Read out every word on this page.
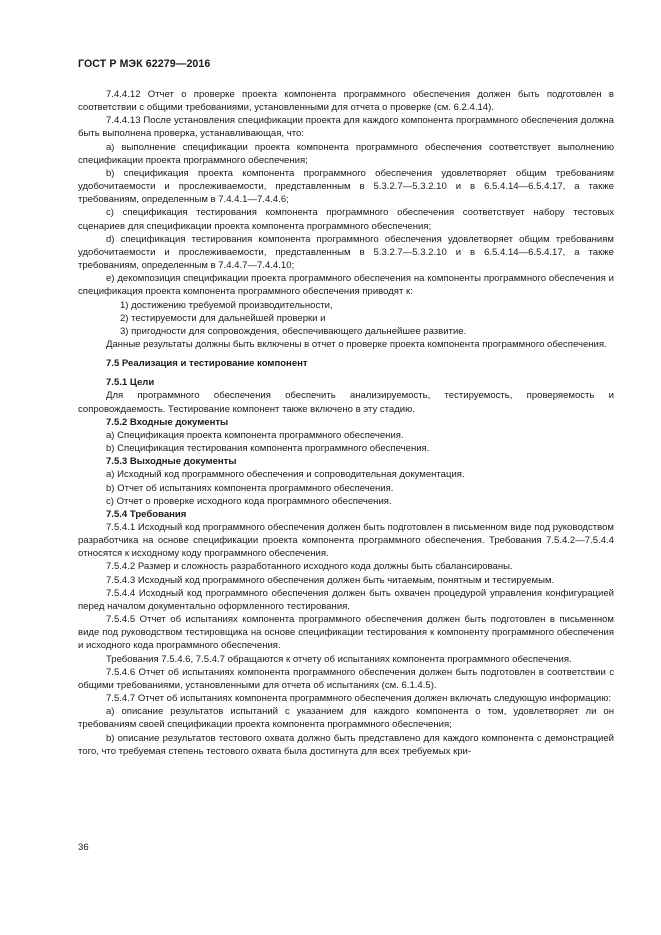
ГОСТ Р МЭК 62279—2016

7.4.4.12 Отчет о проверке проекта компонента программного обеспечения должен быть подготовлен в соответствии с общими требованиями, установленными для отчета о проверке (см. 6.2.4.14).

7.4.4.13 После установления спецификации проекта для каждого компонента программного обеспечения должна быть выполнена проверка, устанавливающая, что:

a) выполнение спецификации проекта компонента программного обеспечения соответствует выполнению спецификации проекта программного обеспечения;

b) спецификация проекта компонента программного обеспечения удовлетворяет общим требованиям удобочитаемости и прослеживаемости, представленным в 5.3.2.7—5.3.2.10 и в 6.5.4.14—6.5.4.17, а также требованиям, определенным в 7.4.4.1—7.4.4.6;

c) спецификация тестирования компонента программного обеспечения соответствует набору тестовых сценариев для спецификации проекта компонента программного обеспечения;

d) спецификация тестирования компонента программного обеспечения удовлетворяет общим требованиям удобочитаемости и прослеживаемости, представленным в 5.3.2.7—5.3.2.10 и в 6.5.4.14—6.5.4.17, а также требованиям, определенным в 7.4.4.7—7.4.4.10;

e) декомпозиция спецификации проекта программного обеспечения на компоненты программного обеспечения и спецификация проекта компонента программного обеспечения приводят к:

1) достижению требуемой производительности,

2) тестируемости для дальнейшей проверки и

3) пригодности для сопровождения, обеспечивающего дальнейшее развитие.

Данные результаты должны быть включены в отчет о проверке проекта компонента программного обеспечения.

7.5 Реализация и тестирование компонент

7.5.1 Цели

Для программного обеспечения обеспечить анализируемость, тестируемость, проверяемость и сопровождаемость. Тестирование компонент также включено в эту стадию.

7.5.2 Входные документы

a) Спецификация проекта компонента программного обеспечения.

b) Спецификация тестирования компонента программного обеспечения.

7.5.3 Выходные документы

a) Исходный код программного обеспечения и сопроводительная документация.

b) Отчет об испытаниях компонента программного обеспечения.

c) Отчет о проверке исходного кода программного обеспечения.

7.5.4 Требования

7.5.4.1 Исходный код программного обеспечения должен быть подготовлен в письменном виде под руководством разработчика на основе спецификации проекта компонента программного обеспечения. Требования 7.5.4.2—7.5.4.4 относятся к исходному коду программного обеспечения.

7.5.4.2 Размер и сложность разработанного исходного кода должны быть сбалансированы.

7.5.4.3 Исходный код программного обеспечения должен быть читаемым, понятным и тестируемым.

7.5.4.4 Исходный код программного обеспечения должен быть охвачен процедурой управления конфигурацией перед началом документально оформленного тестирования.

7.5.4.5 Отчет об испытаниях компонента программного обеспечения должен быть подготовлен в письменном виде под руководством тестировщика на основе спецификации тестирования к компоненту программного обеспечения и исходного кода программного обеспечения.

Требования 7.5.4.6, 7.5.4.7 обращаются к отчету об испытаниях компонента программного обеспечения.

7.5.4.6 Отчет об испытаниях компонента программного обеспечения должен быть подготовлен в соответствии с общими требованиями, установленными для отчета об испытаниях (см. 6.1.4.5).

7.5.4.7 Отчет об испытаниях компонента программного обеспечения должен включать следующую информацию:

a) описание результатов испытаний с указанием для каждого компонента о том, удовлетворяет ли он требованиям своей спецификации проекта компонента программного обеспечения;

b) описание результатов тестового охвата должно быть представлено для каждого компонента с демонстрацией того, что требуемая степень тестового охвата была достигнута для всех требуемых кри-

36
